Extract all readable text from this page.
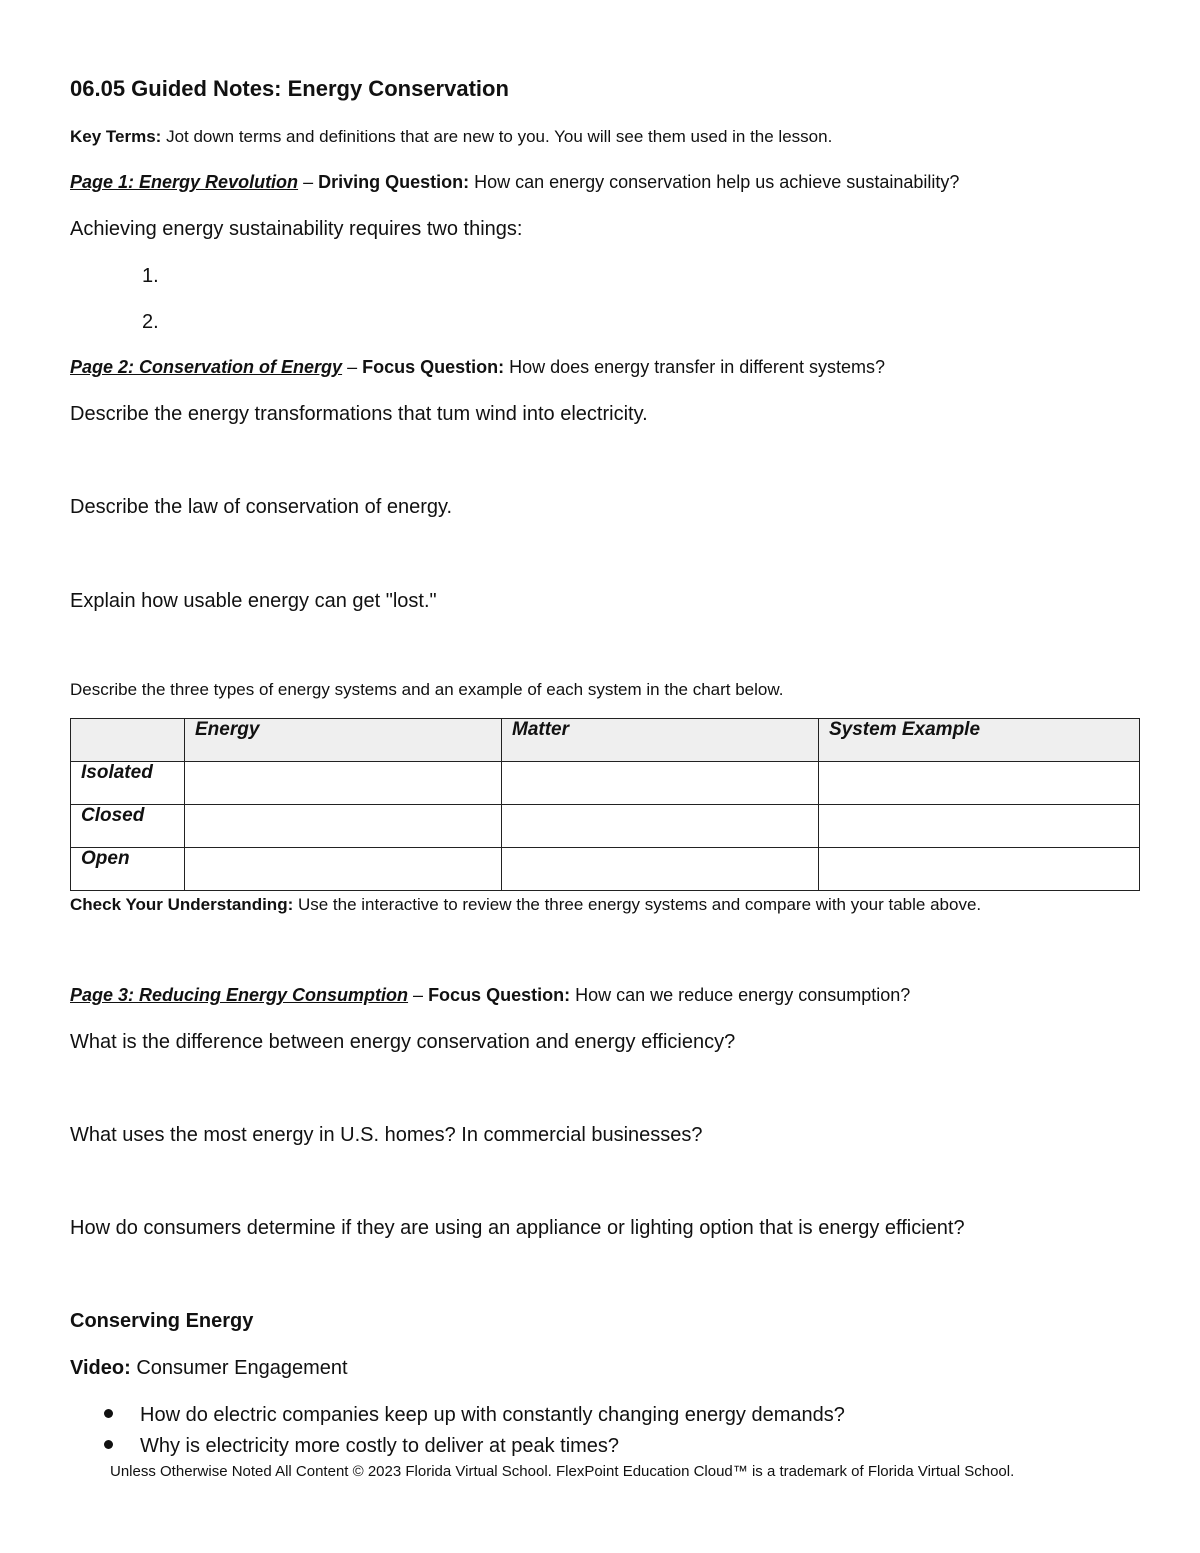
06.05 Guided Notes: Energy Conservation
Key Terms: Jot down terms and definitions that are new to you. You will see them used in the lesson.
Page 1: Energy Revolution – Driving Question: How can energy conservation help us achieve sustainability?
Achieving energy sustainability requires two things:
1.
2.
Page 2: Conservation of Energy – Focus Question: How does energy transfer in different systems?
Describe the energy transformations that tum wind into electricity.
Describe the law of conservation of energy.
Explain how usable energy can get "lost."
Describe the three types of energy systems and an example of each system in the chart below.
	Energy	Matter	System Example
Isolated			
Closed			
Open			
Check Your Understanding: Use the interactive to review the three energy systems and compare with your table above.
Page 3: Reducing Energy Consumption – Focus Question: How can we reduce energy consumption?
What is the difference between energy conservation and energy efficiency?
What uses the most energy in U.S. homes? In commercial businesses?
How do consumers determine if they are using an appliance or lighting option that is energy efficient?
Conserving Energy
Video: Consumer Engagement
How do electric companies keep up with constantly changing energy demands?
Why is electricity more costly to deliver at peak times?
Unless Otherwise Noted All Content © 2023 Florida Virtual School. FlexPoint Education Cloud™ is a trademark of Florida Virtual School.
